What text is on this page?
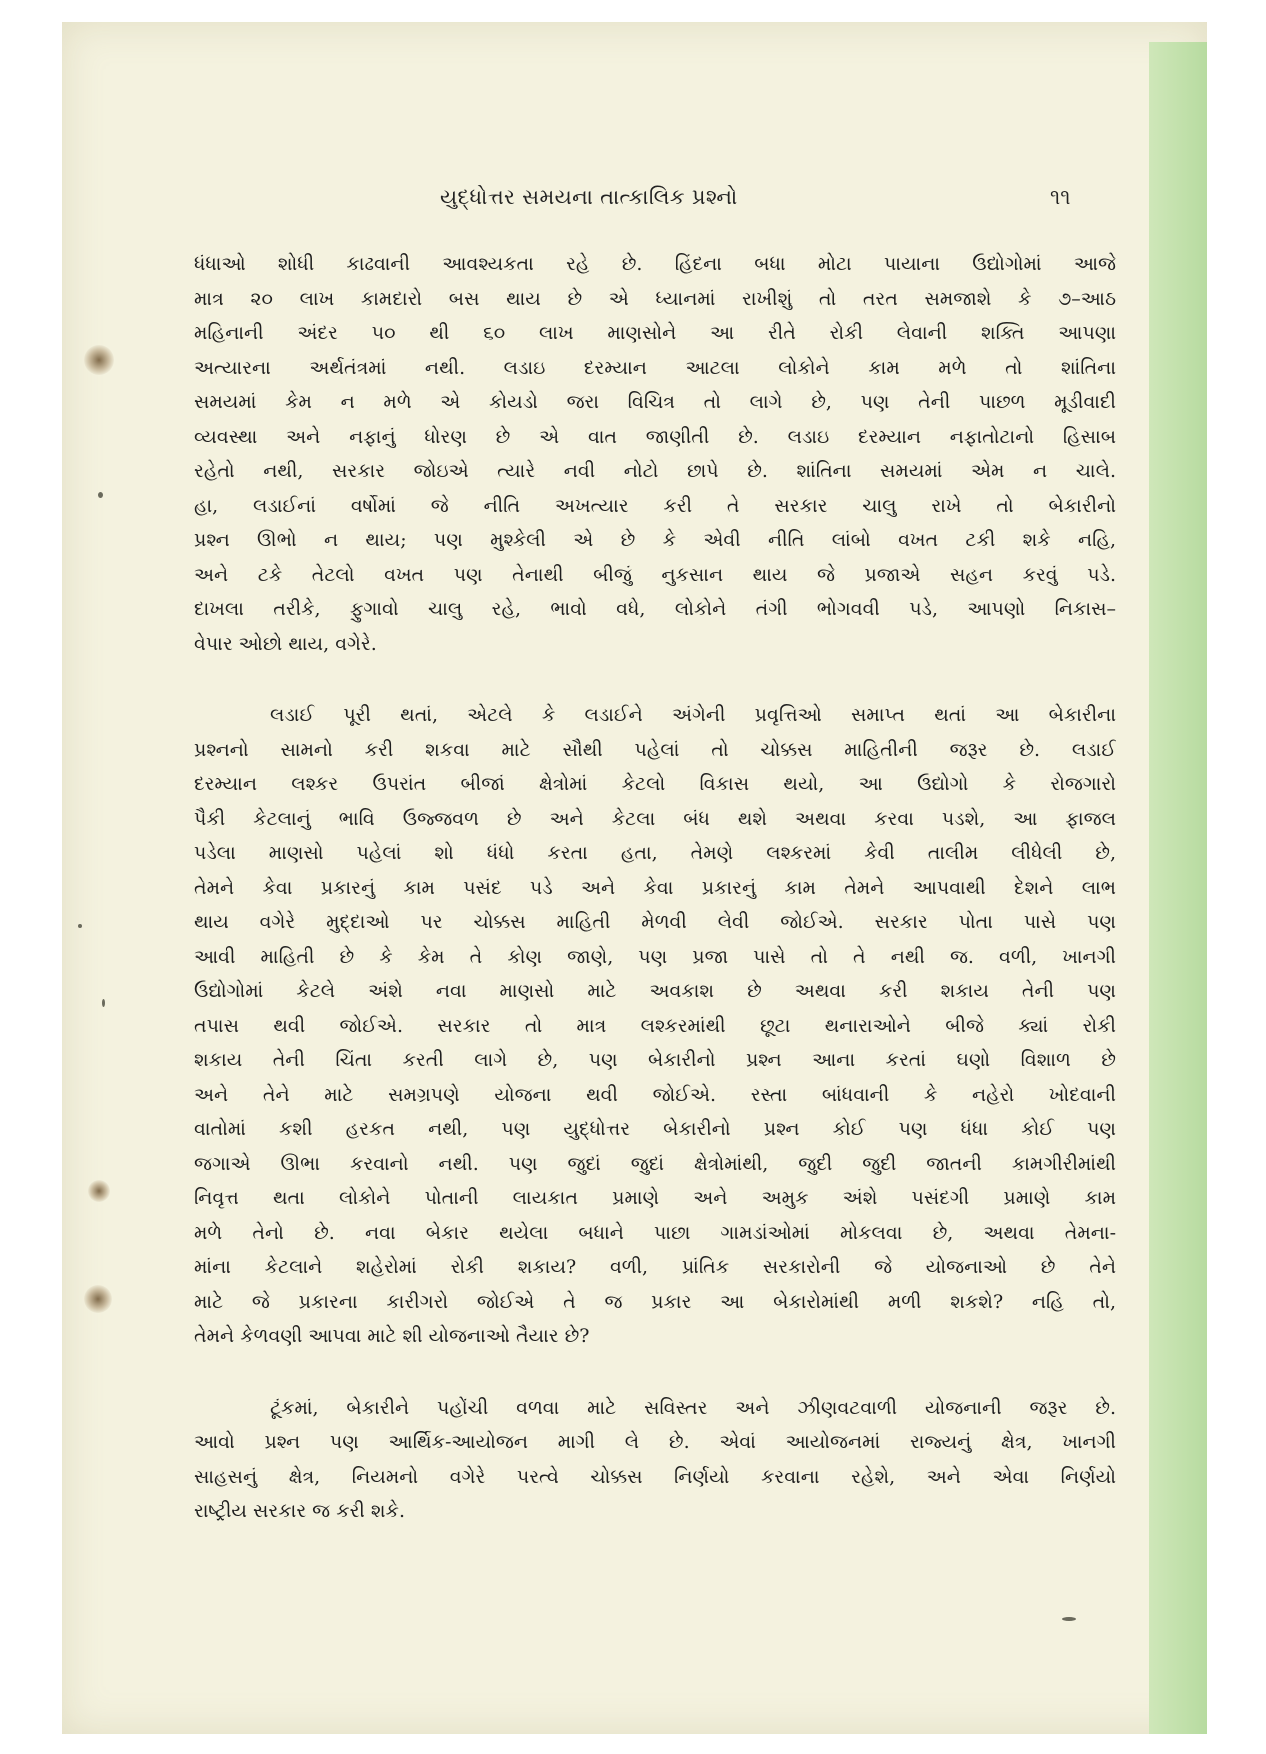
યુદ્ધોત્તર સમયના તાત્કાલિક પ્રશ્નો	૧૧
ધંધાઓ શોધી કાઢવાની આવશ્યકતા રહે છે. હિંદના બધા મોટા પાયાના ઉદ્યોગોમાં આજે
માત્ર ૨૦ લાખ કામદારો બસ થાય છે એ ધ્યાનમાં રાખીશું તો તરત સમજાશે કે ૭–આઠ
મહિનાની અંદર ૫૦ થી ૬૦ લાખ માણસોને આ રીતે રોકી લેવાની શક્તિ આપણા
અત્યારના અર્થતંત્રમાં નથી. લડાઇ દરમ્યાન આટલા લોકોને કામ મળે તો શાંતિના
સમયમાં કેમ ન મળે એ કોયડો જરા વિચિત્ર તો લાગે છે, પણ તેની પાછળ મૂડીવાદી
વ્યવસ્થા અને નફાનું ધોરણ છે એ વાત જાણીતી છે. લડાઇ દરમ્યાન નફાતોટાનો હિસાબ
રહેતો નથી, સરકાર જોઇએ ત્યારે નવી નોટો છાપે છે. શાંતિના સમયમાં એમ ન ચાલે.
હા, લડાઈનાં વર્ષોમાં જે નીતિ અખત્યાર કરી તે સરકાર ચાલુ રાખે તો બેકારીનો
પ્રશ્ન ઊભો ન થાય; પણ મુશ્કેલી એ છે કે એવી નીતિ લાંબો વખત ટકી શકે નહિ,
અને ટકે તેટલો વખત પણ તેનાથી બીજું નુકસાન થાય જે પ્રજાએ સહન કરવું પડે.
દાખલા તરીકે, ફુગાવો ચાલુ રહે, ભાવો વધે, લોકોને તંગી ભોગવવી પડે, આપણો નિકાસ–
વેપાર ઓછો થાય, વગેરે.
લડાઈ પૂરી થતાં, એટલે કે લડાઈને અંગેની પ્રવૃત્તિઓ સમાપ્ત થતાં આ બેકારીના
પ્રશ્નનો સામનો કરી શકવા માટે સૌથી પહેલાં તો ચોક્કસ માહિતીની જરૂર છે. લડાઈ
દરમ્યાન લશ્કર ઉપરાંત બીજાં ક્ષેત્રોમાં કેટલો વિકાસ થયો, આ ઉદ્યોગો કે રોજગારો
પૈકી કેટલાનું ભાવિ ઉજ્જવળ છે અને કેટલા બંધ થશે અથવા કરવા પડશે, આ ફાજલ
પડેલા માણસો પહેલાં શો ધંધો કરતા હતા, તેમણે લશ્કરમાં કેવી તાલીમ લીધેલી છે,
તેમને કેવા પ્રકારનું કામ પસંદ પડે અને કેવા પ્રકારનું કામ તેમને આપવાથી દેશને લાભ
થાય વગેરે મુદ્દાઓ પર ચોક્કસ માહિતી મેળવી લેવી જોઈએ. સરકાર પોતા પાસે પણ
આવી માહિતી છે કે કેમ તે કોણ જાણે, પણ પ્રજા પાસે તો તે નથી જ. વળી, ખાનગી
ઉદ્યોગોમાં કેટલે અંશે નવા માણસો માટે અવકાશ છે અથવા કરી શકાય તેની પણ
તપાસ થવી જોઈએ. સરકાર તો માત્ર લશ્કરમાંથી છૂટા થનારાઓને બીજે ક્યાં રોકી
શકાય તેની ચિંતા કરતી લાગે છે, પણ બેકારીનો પ્રશ્ન આના કરતાં ઘણો વિશાળ છે
અને તેને માટે સમગ્રપણે યોજના થવી જોઈએ. રસ્તા બાંધવાની કે નહેરો ખોદવાની
વાતોમાં કશી હરકત નથી, પણ યુદ્ધોત્તર બેકારીનો પ્રશ્ન કોઈ પણ ધંધા કોઈ પણ
જગાએ ઊભા કરવાનો નથી. પણ જુદાં જુદાં ક્ષેત્રોમાંથી, જુદી જુદી જાતની કામગીરીમાંથી
નિવૃત્ત થતા લોકોને પોતાની લાયકાત પ્રમાણે અને અમુક અંશે પસંદગી પ્રમાણે કામ
મળે તેનો છે. નવા બેકાર થયેલા બધાને પાછા ગામડાંઓમાં મોકલવા છે, અથવા તેમના-
માંના કેટલાને શહેરોમાં રોકી શકાય? વળી, પ્રાંતિક સરકારોની જે યોજનાઓ છે તેને
માટે જે પ્રકારના કારીગરો જોઈએ તે જ પ્રકાર આ બેકારોમાંથી મળી શકશે? નહિ તો,
તેમને કેળવણી આપવા માટે શી યોજનાઓ તૈયાર છે?
ટૂંકમાં, બેકારીને પહોંચી વળવા માટે સવિસ્તર અને ઝીણવટવાળી યોજનાની જરૂર છે.
આવો પ્રશ્ન પણ આર્થિક-આયોજન માગી લે છે. એવાં આયોજનમાં રાજ્યનું ક્ષેત્ર, ખાનગી
સાહસનું ક્ષેત્ર, નિયમનો વગેરે પરત્વે ચોક્કસ નિર્ણયો કરવાના રહેશે, અને એવા નિર્ણયો
રાષ્ટ્રીય સરકાર જ કરી શકે.
